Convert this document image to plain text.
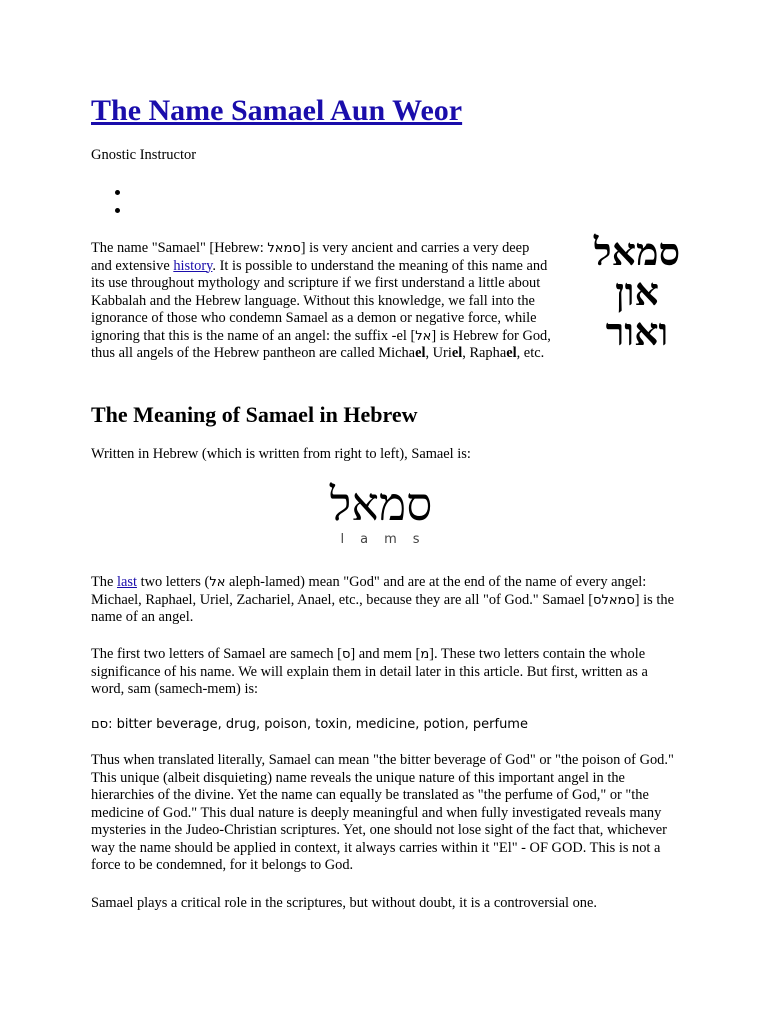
The Name Samael Aun Weor
Gnostic Instructor

The name "Samael" [Hebrew: סמאל] is very ancient and carries a very deep and extensive history. It is possible to understand the meaning of this name and its use throughout mythology and scripture if we first understand a little about Kabbalah and the Hebrew language. Without this knowledge, we fall into the ignorance of those who condemn Samael as a demon or negative force, while ignoring that this is the name of an angel: the suffix -el [אל] is Hebrew for God, thus all angels of the Hebrew pantheon are called Michael, Uriel, Raphael, etc.

סמאל
און
ואור
The Meaning of Samael in Hebrew

Written in Hebrew (which is written from right to left), Samael is:

סמאל
lams

The last two letters (אל aleph-lamed) mean "God" and are at the end of the name of every angel: Michael, Raphael, Uriel, Zachariel, Anael, etc., because they are all "of God." Samael [סמאלס] is the name of an angel.

The first two letters of Samael are samech [ס] and mem [מ]. These two letters contain the whole significance of his name. We will explain them in detail later in this article. But first, written as a word, sam (samech-mem) is:

סם: bitter beverage, drug, poison, toxin, medicine, potion, perfume

Thus when translated literally, Samael can mean "the bitter beverage of God" or "the poison of God." This unique (albeit disquieting) name reveals the unique nature of this important angel in the hierarchies of the divine. Yet the name can equally be translated as "the perfume of God," or "the medicine of God." This dual nature is deeply meaningful and when fully investigated reveals many mysteries in the Judeo-Christian scriptures. Yet, one should not lose sight of the fact that, whichever way the name should be applied in context, it always carries within it "El" - OF GOD. This is not a force to be condemned, for it belongs to God.

Samael plays a critical role in the scriptures, but without doubt, it is a controversial one.
